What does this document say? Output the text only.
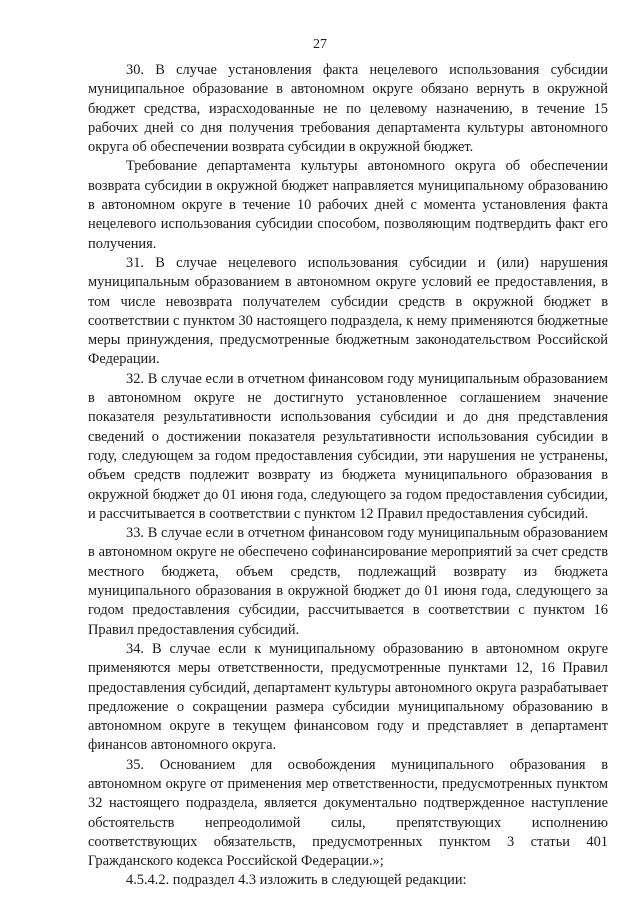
27

30. В случае установления факта нецелевого использования субсидии муниципальное образование в автономном округе обязано вернуть в окружной бюджет средства, израсходованные не по целевому назначению, в течение 15 рабочих дней со дня получения требования департамента культуры автономного округа об обеспечении возврата субсидии в окружной бюджет.

Требование департамента культуры автономного округа об обеспечении возврата субсидии в окружной бюджет направляется муниципальному образованию в автономном округе в течение 10 рабочих дней с момента установления факта нецелевого использования субсидии способом, позволяющим подтвердить факт его получения.

31. В случае нецелевого использования субсидии и (или) нарушения муниципальным образованием в автономном округе условий ее предоставления, в том числе невозврата получателем субсидии средств в окружной бюджет в соответствии с пунктом 30 настоящего подраздела, к нему применяются бюджетные меры принуждения, предусмотренные бюджетным законодательством Российской Федерации.

32. В случае если в отчетном финансовом году муниципальным образованием в автономном округе не достигнуто установленное соглашением значение показателя результативности использования субсидии и до дня представления сведений о достижении показателя результативности использования субсидии в году, следующем за годом предоставления субсидии, эти нарушения не устранены, объем средств подлежит возврату из бюджета муниципального образования в окружной бюджет до 01 июня года, следующего за годом предоставления субсидии, и рассчитывается в соответствии с пунктом 12 Правил предоставления субсидий.

33. В случае если в отчетном финансовом году муниципальным образованием в автономном округе не обеспечено софинансирование мероприятий за счет средств местного бюджета, объем средств, подлежащий возврату из бюджета муниципального образования в окружной бюджет до 01 июня года, следующего за годом предоставления субсидии, рассчитывается в соответствии с пунктом 16 Правил предоставления субсидий.

34. В случае если к муниципальному образованию в автономном округе применяются меры ответственности, предусмотренные пунктами 12, 16 Правил предоставления субсидий, департамент культуры автономного округа разрабатывает предложение о сокращении размера субсидии муниципальному образованию в автономном округе в текущем финансовом году и представляет в департамент финансов автономного округа.

35. Основанием для освобождения муниципального образования в автономном округе от применения мер ответственности, предусмотренных пунктом 32 настоящего подраздела, является документально подтвержденное наступление обстоятельств непреодолимой силы, препятствующих исполнению соответствующих обязательств, предусмотренных пунктом 3 статьи 401 Гражданского кодекса Российской Федерации.»;

4.5.4.2. подраздел 4.3 изложить в следующей редакции:
